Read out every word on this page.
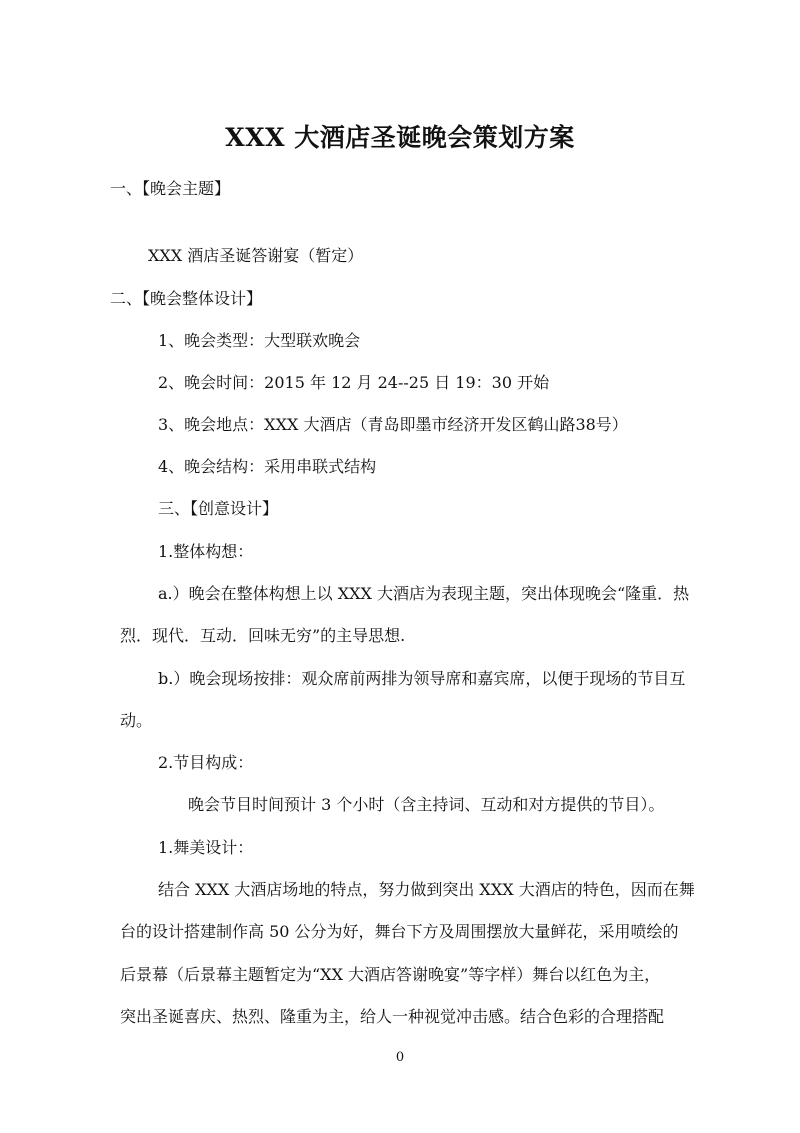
XXX 大酒店圣诞晚会策划方案

一、【晚会主题】

XXX 酒店圣诞答谢宴（暂定）

二、【晚会整体设计】

1、晚会类型：大型联欢晚会

2、晚会时间：2015 年 12 月 24--25 日 19：30 开始

3、晚会地点：XXX 大酒店（青岛即墨市经济开发区鹤山路38号）

4、晚会结构：采用串联式结构

三、【创意设计】

1.整体构想：

a.）晚会在整体构想上以 XXX 大酒店为表现主题，突出体现晚会“隆重．热

烈．现代．互动．回味无穷”的主导思想.

b.）晚会现场按排：观众席前两排为领导席和嘉宾席，以便于现场的节目互

动。

2.节目构成：

晚会节目时间预计 3 个小时（含主持词、互动和对方提供的节目）。

1.舞美设计：

结合 XXX 大酒店场地的特点，努力做到突出 XXX 大酒店的特色，因而在舞

台的设计搭建制作高 50 公分为好，舞台下方及周围摆放大量鲜花，采用喷绘的

后景幕（后景幕主题暂定为“XX 大酒店答谢晚宴”等字样）舞台以红色为主，

突出圣诞喜庆、热烈、隆重为主，给人一种视觉冲击感。结合色彩的合理搭配

0
